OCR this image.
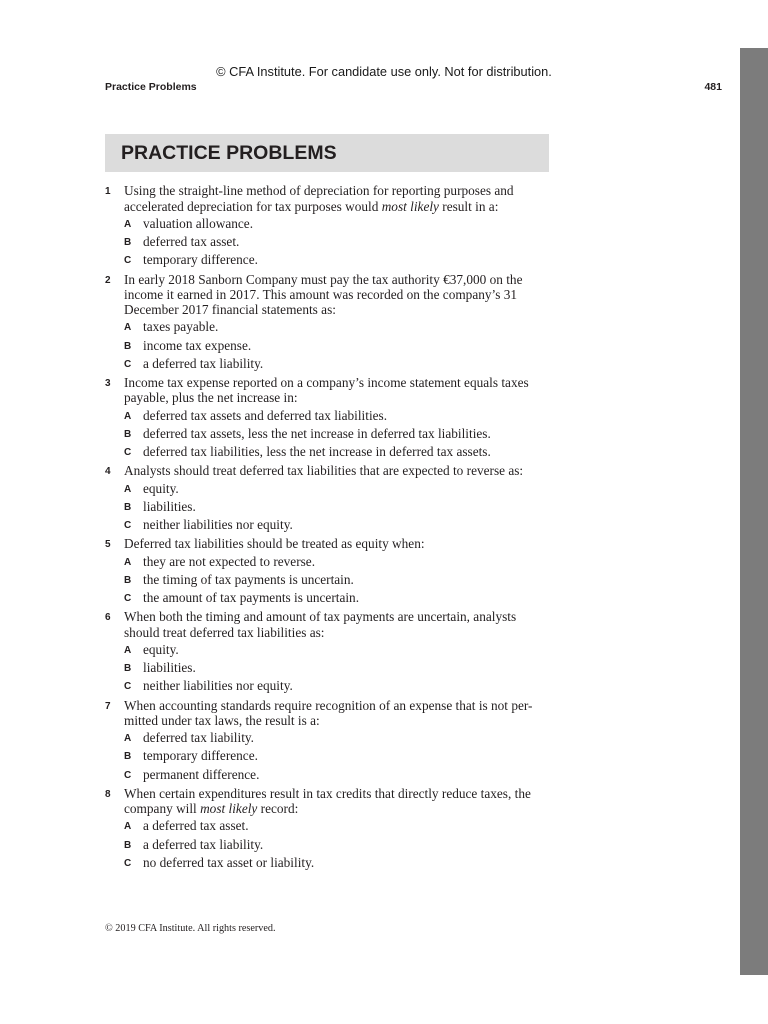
© CFA Institute. For candidate use only. Not for distribution.
Practice Problems	481
PRACTICE PROBLEMS
1 Using the straight-line method of depreciation for reporting purposes and
accelerated depreciation for tax purposes would most likely result in a:
A valuation allowance.
B deferred tax asset.
C temporary difference.
2 In early 2018 Sanborn Company must pay the tax authority €37,000 on the
income it earned in 2017. This amount was recorded on the company’s 31
December 2017 financial statements as:
A taxes payable.
B income tax expense.
C a deferred tax liability.
3 Income tax expense reported on a company’s income statement equals taxes
payable, plus the net increase in:
A deferred tax assets and deferred tax liabilities.
B deferred tax assets, less the net increase in deferred tax liabilities.
C deferred tax liabilities, less the net increase in deferred tax assets.
4 Analysts should treat deferred tax liabilities that are expected to reverse as:
A equity.
B liabilities.
C neither liabilities nor equity.
5 Deferred tax liabilities should be treated as equity when:
A they are not expected to reverse.
B the timing of tax payments is uncertain.
C the amount of tax payments is uncertain.
6 When both the timing and amount of tax payments are uncertain, analysts
should treat deferred tax liabilities as:
A equity.
B liabilities.
C neither liabilities nor equity.
7 When accounting standards require recognition of an expense that is not per-
mitted under tax laws, the result is a:
A deferred tax liability.
B temporary difference.
C permanent difference.
8 When certain expenditures result in tax credits that directly reduce taxes, the
company will most likely record:
A a deferred tax asset.
B a deferred tax liability.
C no deferred tax asset or liability.
© 2019 CFA Institute. All rights reserved.
